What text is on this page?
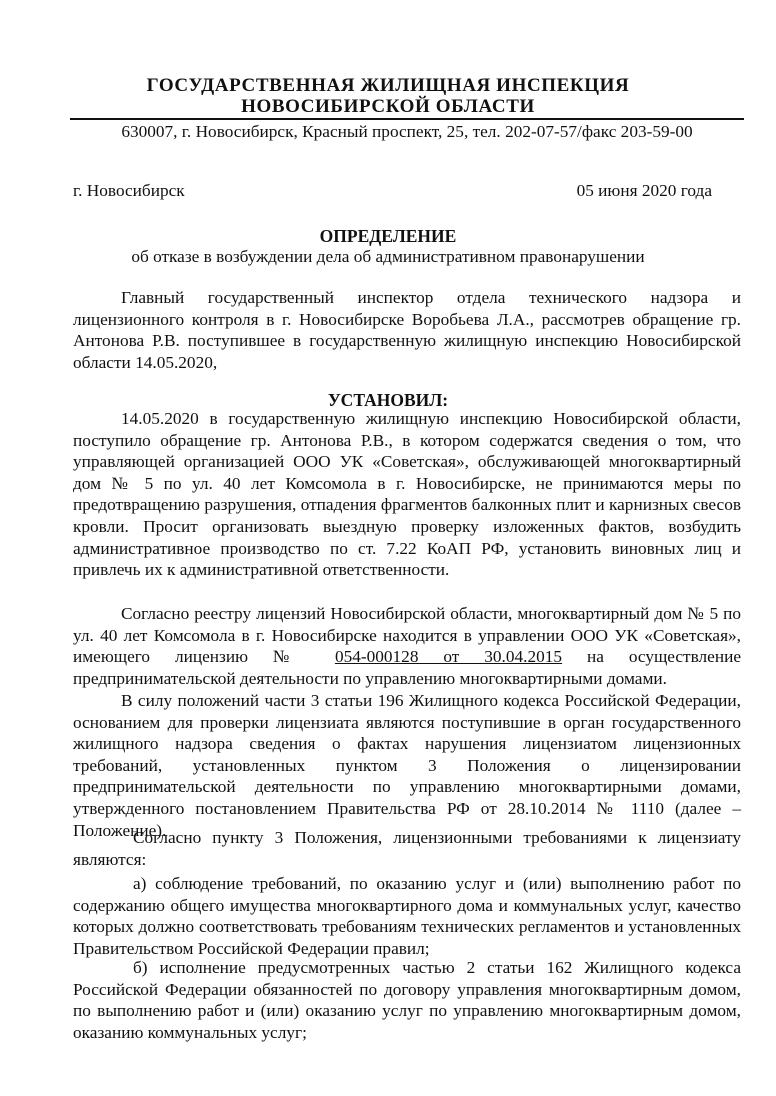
ГОСУДАРСТВЕННАЯ ЖИЛИЩНАЯ ИНСПЕКЦИЯ
НОВОСИБИРСКОЙ ОБЛАСТИ
630007, г. Новосибирск, Красный проспект, 25, тел. 202-07-57/факс 203-59-00
г. Новосибирск	05 июня 2020 года
ОПРЕДЕЛЕНИЕ
об отказе в возбуждении дела об административном правонарушении

Главный государственный инспектор отдела технического надзора и лицензионного контроля в г. Новосибирске Воробьева Л.А., рассмотрев обращение гр. Антонова Р.В. поступившее в государственную жилищную инспекцию Новосибирской области 14.05.2020,

УСТАНОВИЛ:

14.05.2020 в государственную жилищную инспекцию Новосибирской области, поступило обращение гр. Антонова Р.В., в котором содержатся сведения о том, что управляющей организацией ООО УК «Советская», обслуживающей многоквартирный дом № 5 по ул. 40 лет Комсомола в г. Новосибирске, не принимаются меры по предотвращению разрушения, отпадения фрагментов балконных плит и карнизных свесов кровли. Просит организовать выездную проверку изложенных фактов, возбудить административное производство по ст. 7.22 КоАП РФ, установить виновных лиц и привлечь их к административной ответственности.

Согласно реестру лицензий Новосибирской области, многоквартирный дом № 5 по ул. 40 лет Комсомола в г. Новосибирске находится в управлении ООО УК «Советская», имеющего лицензию № 054-000128 от 30.04.2015 на осуществление предпринимательской деятельности по управлению многоквартирными домами.

В силу положений части 3 статьи 196 Жилищного кодекса Российской Федерации, основанием для проверки лицензиата являются поступившие в орган государственного жилищного надзора сведения о фактах нарушения лицензиатом лицензионных требований, установленных пунктом 3 Положения о лицензировании предпринимательской деятельности по управлению многоквартирными домами, утвержденного постановлением Правительства РФ от 28.10.2014 № 1110 (далее – Положение).

Согласно пункту 3 Положения, лицензионными требованиями к лицензиату являются:

а) соблюдение требований, по оказанию услуг и (или) выполнению работ по содержанию общего имущества многоквартирного дома и коммунальных услуг, качество которых должно соответствовать требованиям технических регламентов и установленных Правительством Российской Федерации правил;

б) исполнение предусмотренных частью 2 статьи 162 Жилищного кодекса Российской Федерации обязанностей по договору управления многоквартирным домом, по выполнению работ и (или) оказанию услуг по управлению многоквартирным домом, оказанию коммунальных услуг;
